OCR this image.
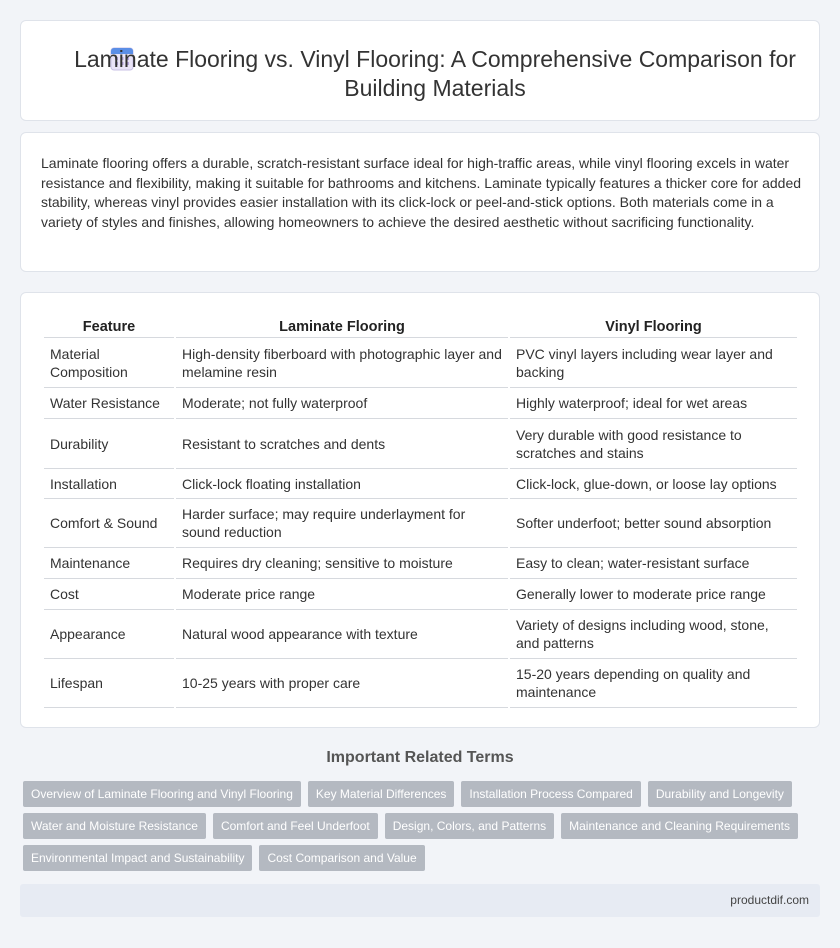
Laminate Flooring vs. Vinyl Flooring: A Comprehensive Comparison for Building Materials

Laminate flooring offers a durable, scratch-resistant surface ideal for high-traffic areas, while vinyl flooring excels in water resistance and flexibility, making it suitable for bathrooms and kitchens. Laminate typically features a thicker core for added stability, whereas vinyl provides easier installation with its click-lock or peel-and-stick options. Both materials come in a variety of styles and finishes, allowing homeowners to achieve the desired aesthetic without sacrificing functionality.

Feature	Laminate Flooring	Vinyl Flooring
Material Composition	High-density fiberboard with photographic layer and melamine resin	PVC vinyl layers including wear layer and backing
Water Resistance	Moderate; not fully waterproof	Highly waterproof; ideal for wet areas
Durability	Resistant to scratches and dents	Very durable with good resistance to scratches and stains
Installation	Click-lock floating installation	Click-lock, glue-down, or loose lay options
Comfort & Sound	Harder surface; may require underlayment for sound reduction	Softer underfoot; better sound absorption
Maintenance	Requires dry cleaning; sensitive to moisture	Easy to clean; water-resistant surface
Cost	Moderate price range	Generally lower to moderate price range
Appearance	Natural wood appearance with texture	Variety of designs including wood, stone, and patterns
Lifespan	10-25 years with proper care	15-20 years depending on quality and maintenance
Important Related Terms
Overview of Laminate Flooring and Vinyl Flooring	Key Material Differences	Installation Process Compared	Durability and Longevity
Water and Moisture Resistance	Comfort and Feel Underfoot	Design, Colors, and Patterns	Maintenance and Cleaning Requirements
Environmental Impact and Sustainability	Cost Comparison and Value
productdif.com
